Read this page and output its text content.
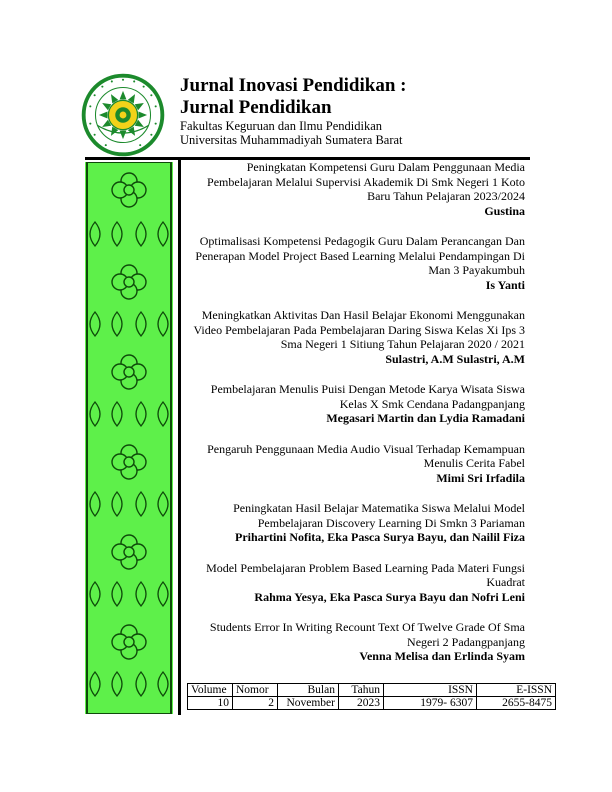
Jurnal Inovasi Pendidikan :

Jurnal Pendidikan

Fakultas Keguruan dan Ilmu Pendidikan

Universitas Muhammadiyah Sumatera Barat

Peningkatan Kompetensi Guru Dalam Penggunaan Media Pembelajaran Melalui Supervisi Akademik Di Smk Negeri 1 Koto Baru Tahun Pelajaran 2023/2024

Gustina

Optimalisasi Kompetensi Pedagogik Guru Dalam Perancangan Dan Penerapan Model Project Based Learning Melalui Pendampingan Di Man 3 Payakumbuh

Is Yanti

Meningkatkan Aktivitas Dan Hasil Belajar Ekonomi Menggunakan Video Pembelajaran Pada Pembelajaran Daring Siswa Kelas Xi Ips 3 Sma Negeri 1 Sitiung Tahun Pelajaran 2020 / 2021

Sulastri, A.M Sulastri, A.M

Pembelajaran Menulis Puisi Dengan Metode Karya Wisata Siswa Kelas X Smk Cendana Padangpanjang

Megasari Martin dan Lydia Ramadani

Pengaruh Penggunaan Media Audio Visual Terhadap Kemampuan Menulis Cerita Fabel

Mimi Sri Irfadila

Peningkatan Hasil Belajar Matematika Siswa Melalui Model Pembelajaran Discovery Learning Di Smkn 3 Pariaman

Prihartini Nofita, Eka Pasca Surya Bayu, dan Nailil Fiza

Model Pembelajaran Problem Based Learning Pada Materi Fungsi Kuadrat

Rahma Yesya, Eka Pasca Surya Bayu dan Nofri Leni

Students Error In Writing Recount Text Of Twelve Grade Of Sma Negeri 2 Padangpanjang

Venna Melisa dan Erlinda Syam

Volume	Nomor	Bulan	Tahun	ISSN	E-ISSN
10	2	November	2023	1979- 6307	2655-8475
